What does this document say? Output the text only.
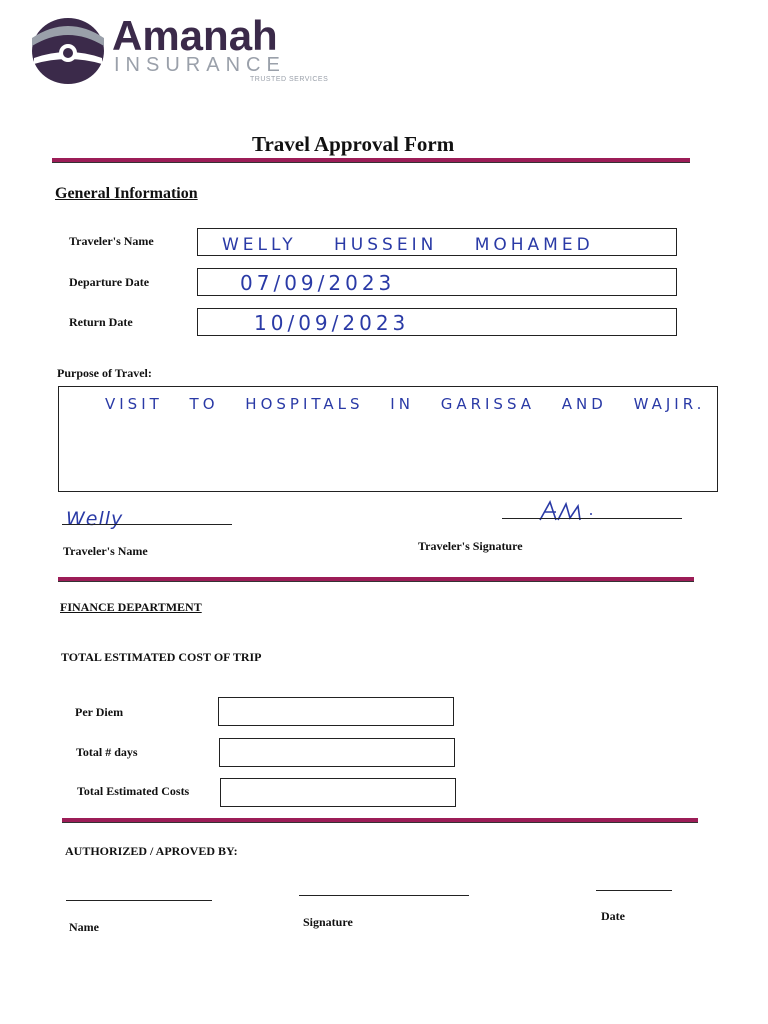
Amanah
INSURANCE
TRUSTED SERVICES
Travel Approval Form
General Information
Traveler's Name	WELLY HUSSEIN MOHAMED
Departure Date	07/09/2023
Return Date	10/09/2023
Purpose of Travel:
VISIT TO HOSPITALS IN GARISSA AND WAJIR.
Welly
Traveler's Name	Traveler's Signature
FINANCE DEPARTMENT
TOTAL ESTIMATED COST OF TRIP
Per Diem
Total # days
Total Estimated Costs
AUTHORIZED / APROVED BY:
Name	Signature	Date
